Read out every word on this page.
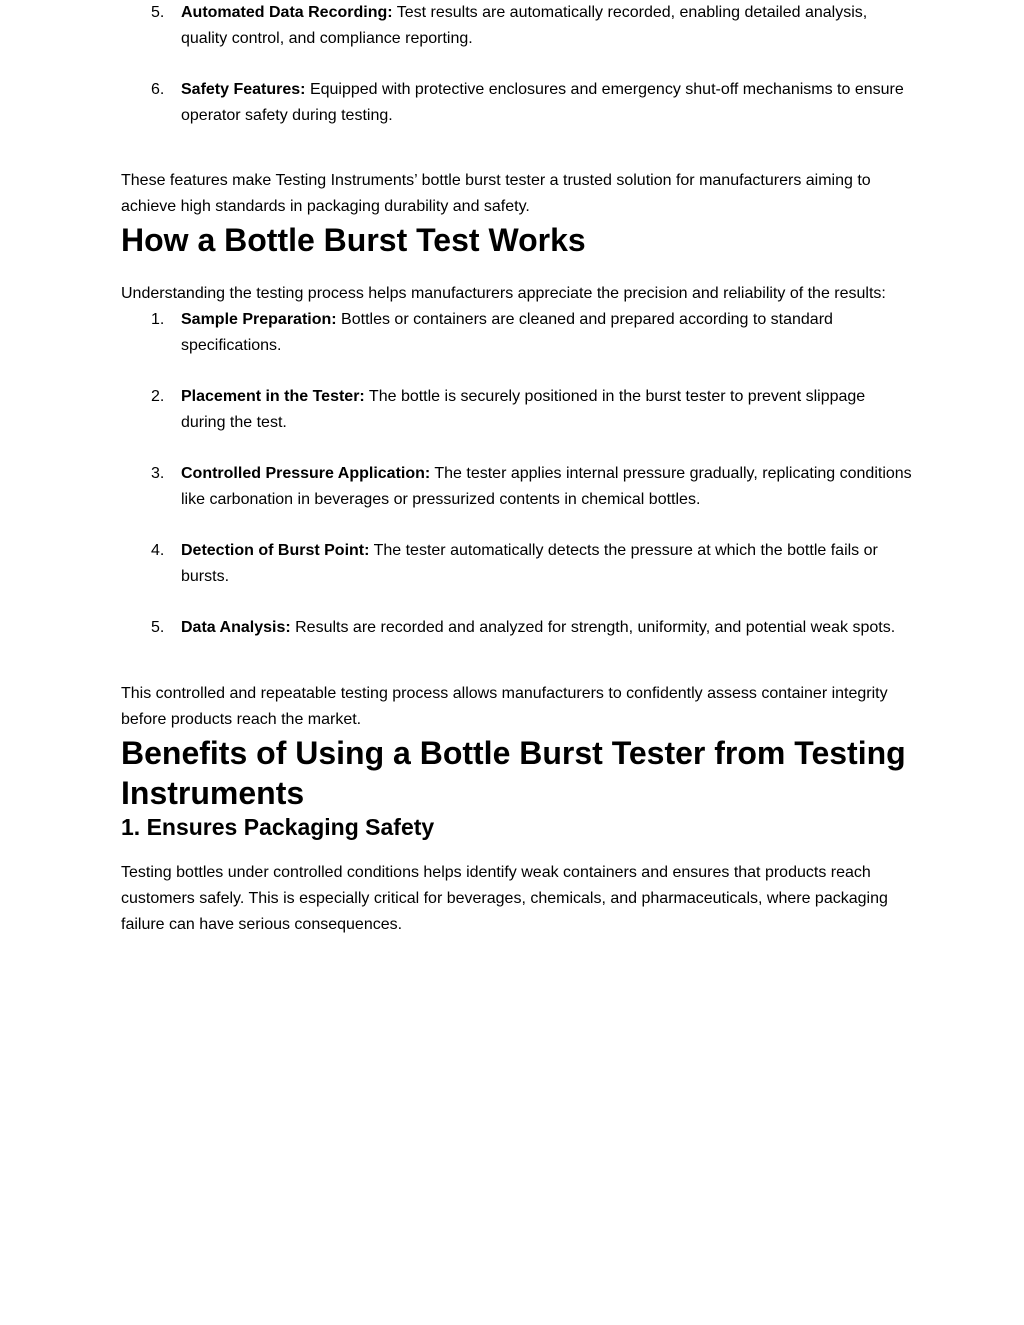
5.	Automated Data Recording: Test results are automatically recorded, enabling detailed analysis, quality control, and compliance reporting.

6.	Safety Features: Equipped with protective enclosures and emergency shut-off mechanisms to ensure operator safety during testing.

These features make Testing Instruments’ bottle burst tester a trusted solution for manufacturers aiming to achieve high standards in packaging durability and safety.

How a Bottle Burst Test Works

Understanding the testing process helps manufacturers appreciate the precision and reliability of the results:

1.	Sample Preparation: Bottles or containers are cleaned and prepared according to standard specifications.

2.	Placement in the Tester: The bottle is securely positioned in the burst tester to prevent slippage during the test.

3.	Controlled Pressure Application: The tester applies internal pressure gradually, replicating conditions like carbonation in beverages or pressurized contents in chemical bottles.

4.	Detection of Burst Point: The tester automatically detects the pressure at which the bottle fails or bursts.

5.	Data Analysis: Results are recorded and analyzed for strength, uniformity, and potential weak spots.

This controlled and repeatable testing process allows manufacturers to confidently assess container integrity before products reach the market.

Benefits of Using a Bottle Burst Tester from Testing Instruments
1. Ensures Packaging Safety

Testing bottles under controlled conditions helps identify weak containers and ensures that products reach customers safely. This is especially critical for beverages, chemicals, and pharmaceuticals, where packaging failure can have serious consequences.
